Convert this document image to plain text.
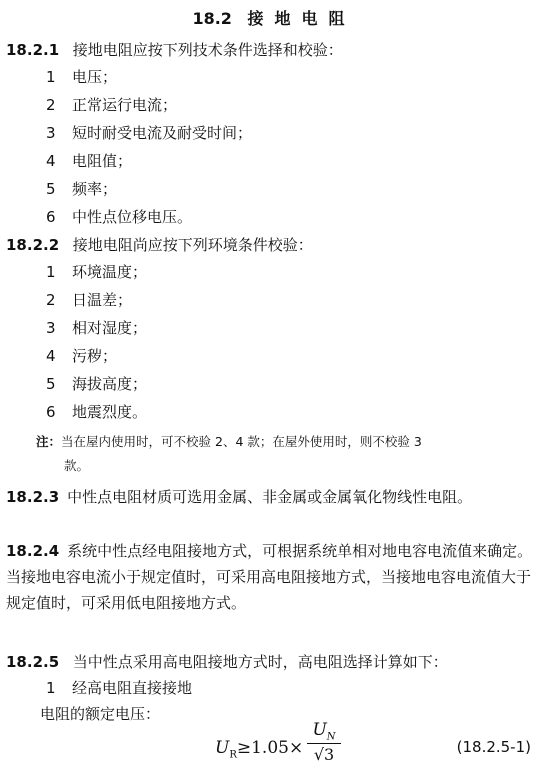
18.2 接地电阻
18.2.1 接地电阻应按下列技术条件选择和校验：
1 电压；
2 正常运行电流；
3 短时耐受电流及耐受时间；
4 电阻值；
5 频率；
6 中性点位移电压。
18.2.2 接地电阻尚应按下列环境条件校验：
1 环境温度；
2 日温差；
3 相对湿度；
4 污秽；
5 海拔高度；
6 地震烈度。
注：当在屋内使用时，可不校验 2、4 款；在屋外使用时，则不校验 3
款。
18.2.3 中性点电阻材质可选用金属、非金属或金属氧化物线性电阻。
18.2.4 系统中性点经电阻接地方式，可根据系统单相对地电容电流值来确定。当接地电容电流小于规定值时，可采用高电阻接地方式，当接地电容电流值大于规定值时，可采用低电阻接地方式。
18.2.5 当中性点采用高电阻接地方式时，高电阻选择计算如下：
1 经高电阻直接接地
电阻的额定电压：
$U_R\ge 1.05\times$
$U_N$
√3	(18.2.5-1)
